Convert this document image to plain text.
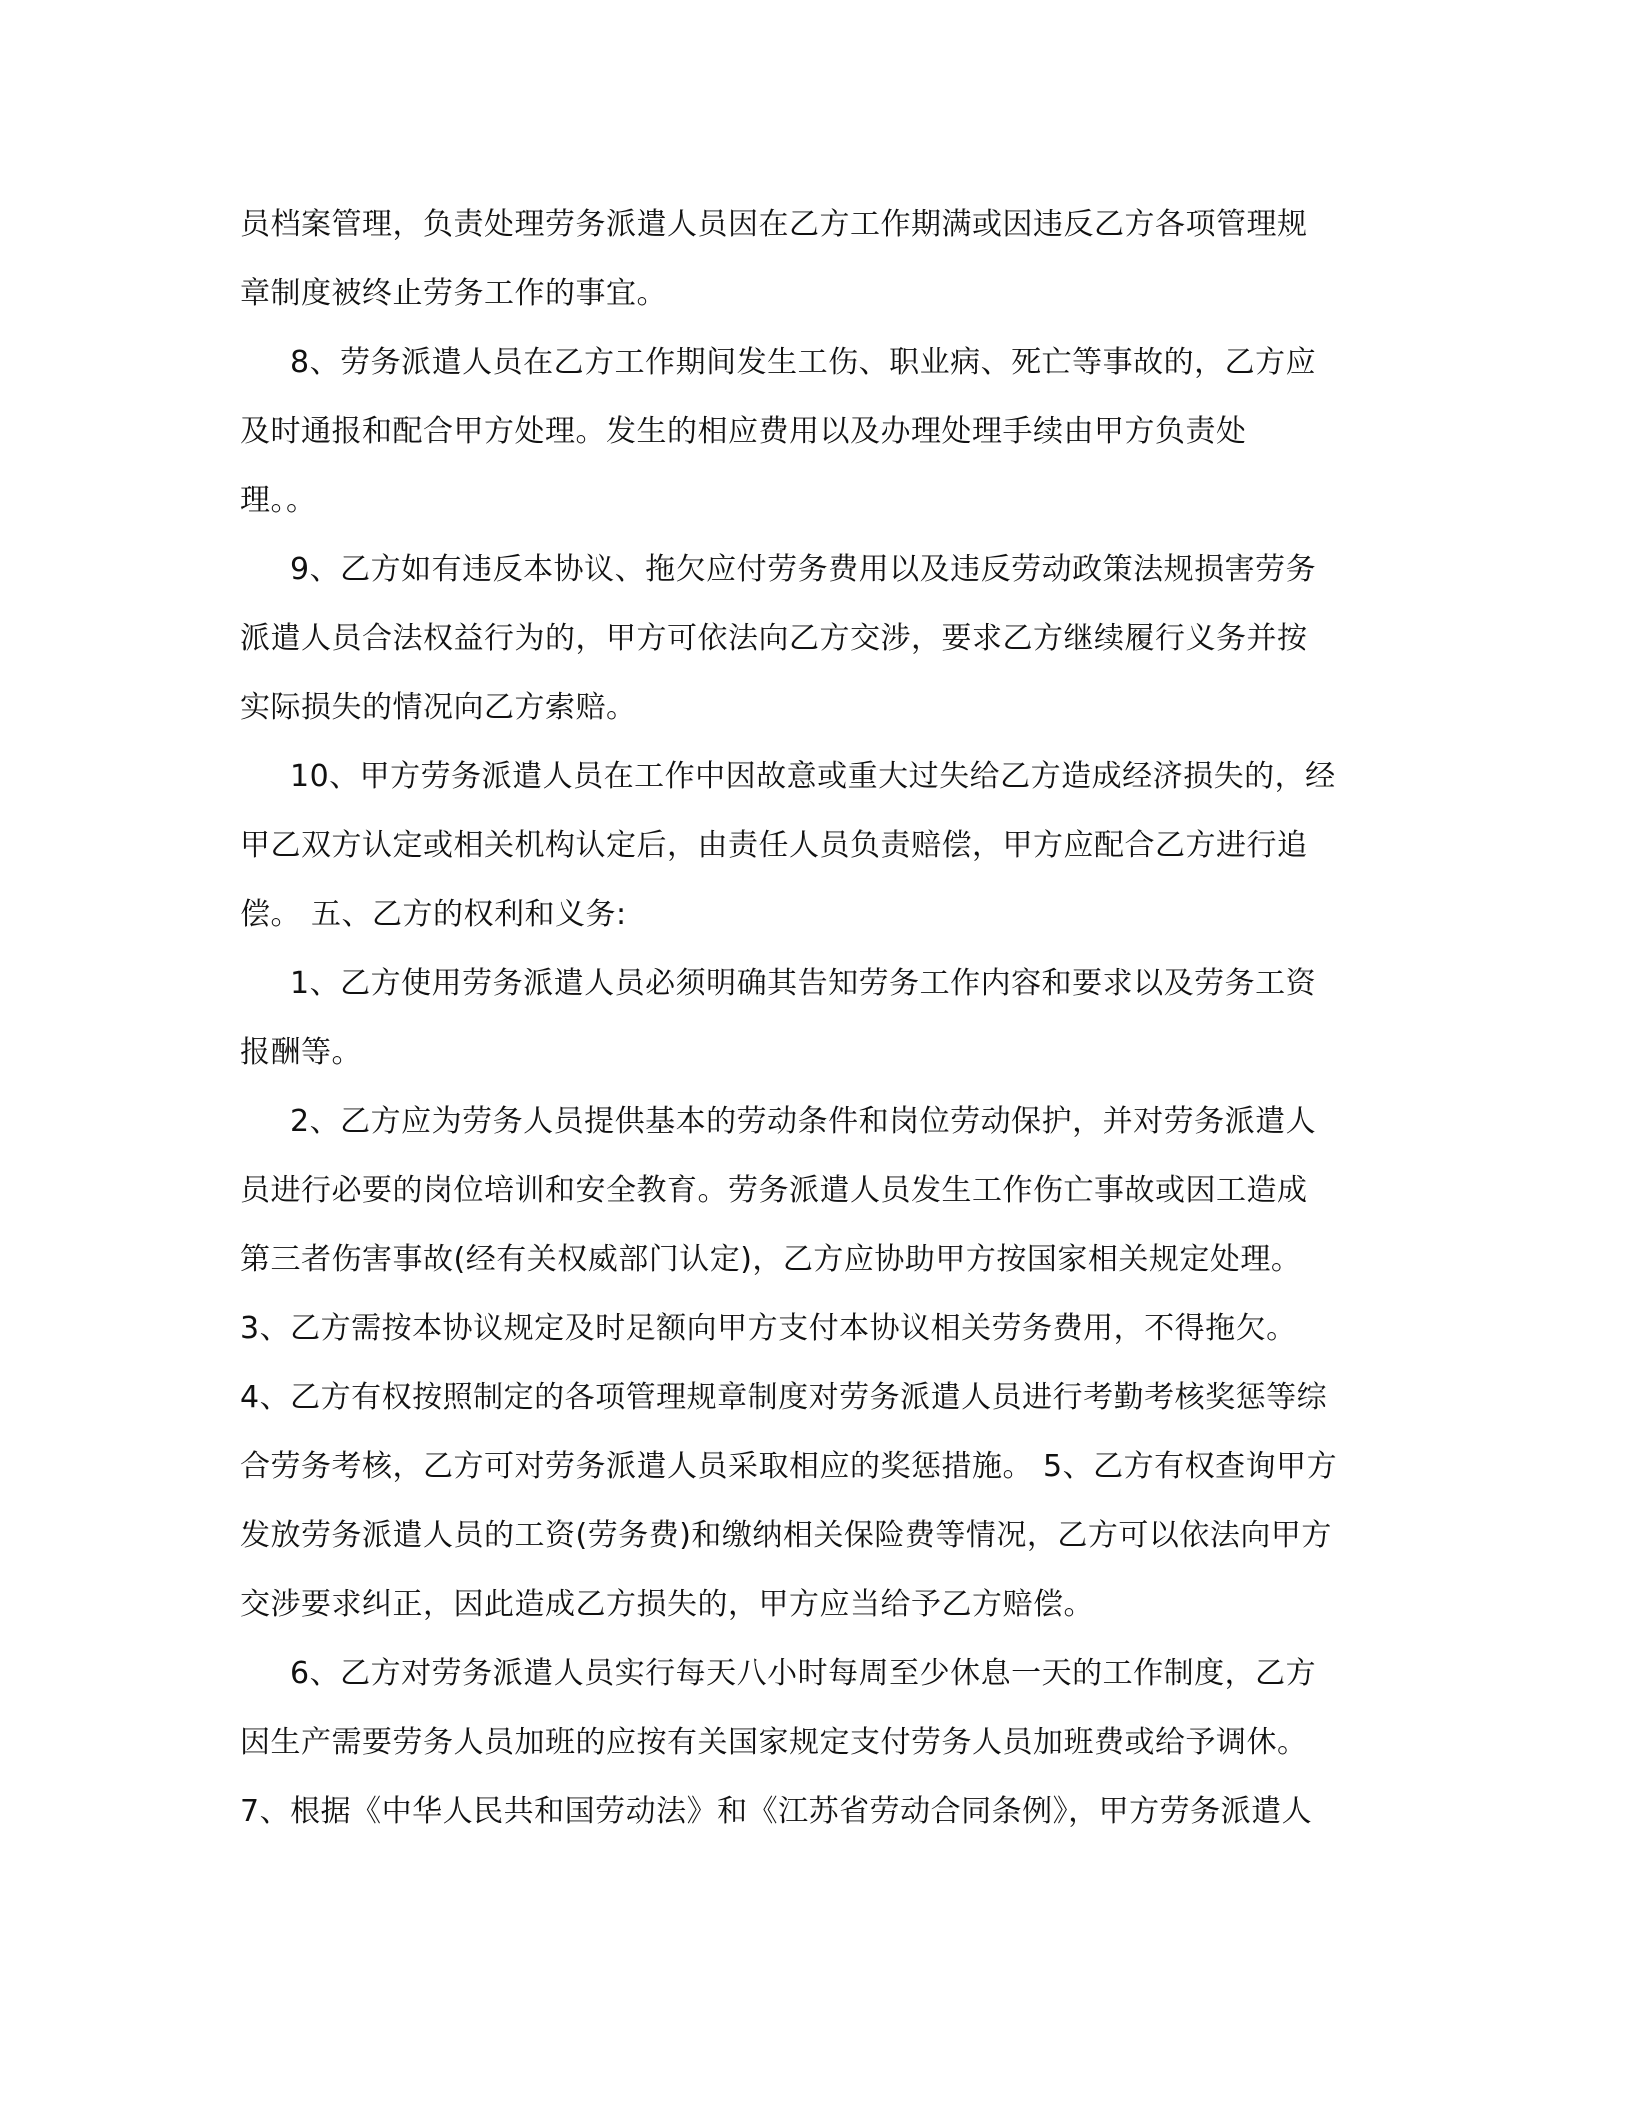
员档案管理，负责处理劳务派遣人员因在乙方工作期满或因违反乙方各项管理规
章制度被终止劳务工作的事宜。
8、劳务派遣人员在乙方工作期间发生工伤、职业病、死亡等事故的，乙方应
及时通报和配合甲方处理。发生的相应费用以及办理处理手续由甲方负责处
理。。
9、乙方如有违反本协议、拖欠应付劳务费用以及违反劳动政策法规损害劳务
派遣人员合法权益行为的，甲方可依法向乙方交涉，要求乙方继续履行义务并按
实际损失的情况向乙方索赔。
10、甲方劳务派遣人员在工作中因故意或重大过失给乙方造成经济损失的，经
甲乙双方认定或相关机构认定后，由责任人员负责赔偿，甲方应配合乙方进行追
偿。 五、乙方的权利和义务:
1、乙方使用劳务派遣人员必须明确其告知劳务工作内容和要求以及劳务工资
报酬等。
2、乙方应为劳务人员提供基本的劳动条件和岗位劳动保护，并对劳务派遣人
员进行必要的岗位培训和安全教育。劳务派遣人员发生工作伤亡事故或因工造成
第三者伤害事故(经有关权威部门认定)，乙方应协助甲方按国家相关规定处理。
3、乙方需按本协议规定及时足额向甲方支付本协议相关劳务费用，不得拖欠。
4、乙方有权按照制定的各项管理规章制度对劳务派遣人员进行考勤考核奖惩等综
合劳务考核，乙方可对劳务派遣人员采取相应的奖惩措施。 5、乙方有权查询甲方
发放劳务派遣人员的工资(劳务费)和缴纳相关保险费等情况，乙方可以依法向甲方
交涉要求纠正，因此造成乙方损失的，甲方应当给予乙方赔偿。
6、乙方对劳务派遣人员实行每天八小时每周至少休息一天的工作制度，乙方
因生产需要劳务人员加班的应按有关国家规定支付劳务人员加班费或给予调休。
7、根据《中华人民共和国劳动法》和《江苏省劳动合同条例》，甲方劳务派遣人
